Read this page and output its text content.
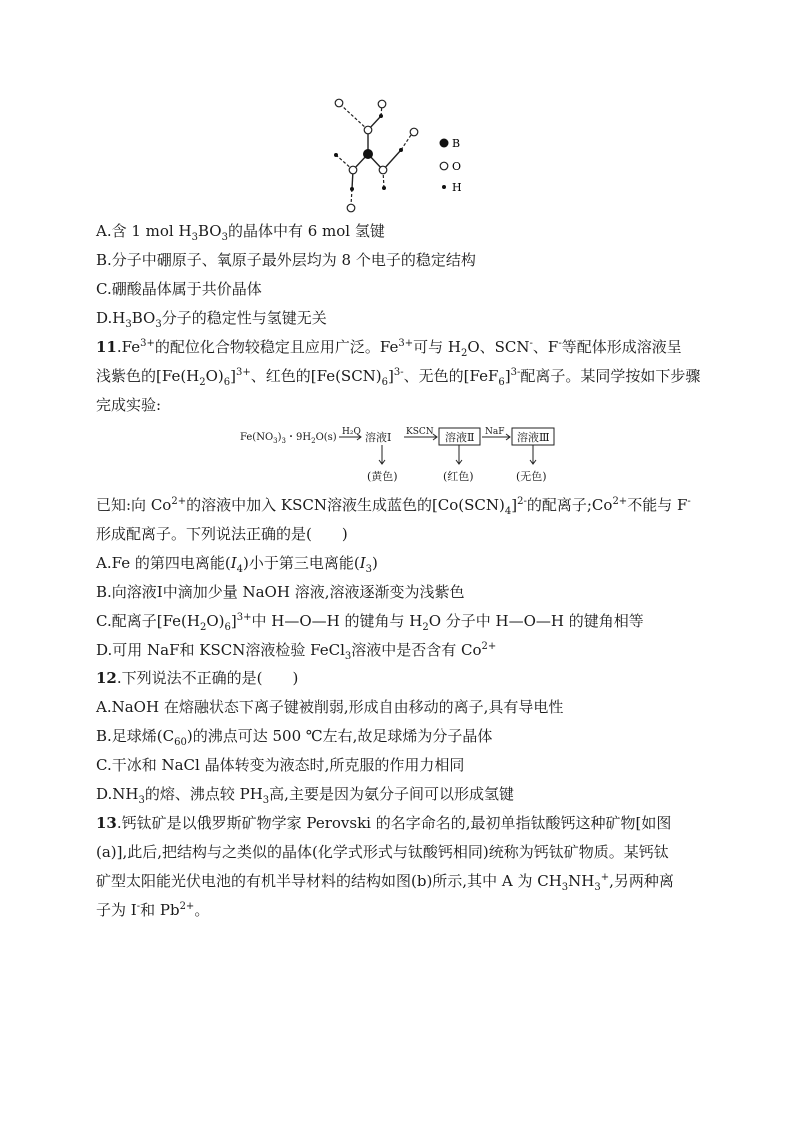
B
O
H
A.含 1 mol $H_3BO_3$的晶体中有 6 mol 氢键
B.分子中硼原子、氧原子最外层均为 8 个电子的稳定结构
C.硼酸晶体属于共价晶体
$D.H_3BO_3$分子的稳定性与氢键无关
$11.Fe^{3+}$的配位化合物较稳定且应用广泛。$Fe^{3+}$可与 $H_2O$、SCN-、F-等配体形成溶液呈
浅紫色的$[Fe(H_2O)_6]^{3+}$、红色的$[Fe(SCN)_6]^{3-}$、无色的$[FeF_6]^{3-}$配离子。某同学按如下步骤
完成实验:
$Fe(NO_3)_3$・$9H_2O(s)$ H₂O 溶液Ⅰ KSCN 溶液Ⅱ NaF 溶液Ⅲ
(黄色)	(红色)	(无色)
已知:向 $Co^{2+}$的溶液中加入 KSCN溶液生成蓝色的$[Co(SCN)_4]^{2-}$的配离子$;Co^{2+}$不能与 F-
形成配离子。下列说法正确的是(　　)
A.Fe 的第四电离能$(I_4)$小于第三电离能$(I_3)$
B.向溶液Ⅰ中滴加少量 NaOH 溶液,溶液逐渐变为浅紫色
C.配离子$[Fe(H_2O)_6]^{3+}$中 H—O—H 的键角与 $H_2O$ 分子中 H—O—H 的键角相等
D.可用 NaF和 KSCN溶液检验 FeCl$_3$溶液中是否含有 $Co^{2+}$
12.下列说法不正确的是(　　)
A.NaOH 在熔融状态下离子键被削弱,形成自由移动的离子,具有导电性
B.足球烯$(C_{60})$的沸点可达 500 ℃左右,故足球烯为分子晶体
C.干冰和 NaCl 晶体转变为液态时,所克服的作用力相同
$D.NH_3$的熔、沸点较 $PH_3$高,主要是因为氨分子间可以形成氢键
13.钙钛矿是以俄罗斯矿物学家 Perovski 的名字命名的,最初单指钛酸钙这种矿物[如图
(a)],此后,把结构与之类似的晶体(化学式形式与钛酸钙相同)统称为钙钛矿物质。某钙钛
矿型太阳能光伏电池的有机半导材料的结构如图(b)所示,其中 A 为 $CH_3NH_3^+$,另两种离
子为 I-和 $Pb^{2+}$。
